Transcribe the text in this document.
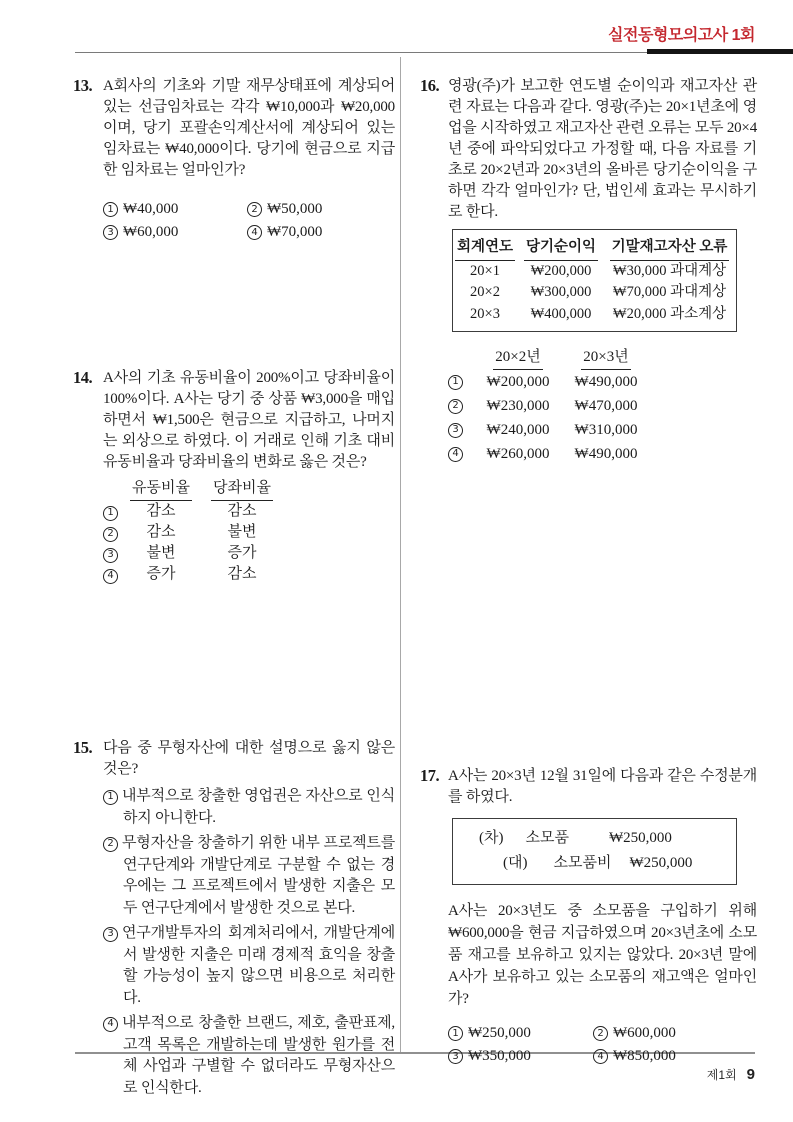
실전동형모의고사 1회
제1회 9
13. A회사의 기초와 기말 재무상태표에 계상되어 있는 선급임차료는 각각 ₩10,000과 ₩20,000이며, 당기 포괄손익계산서에 계상되어 있는 임차료는 ₩40,000이다. 당기에 현금으로 지급한 임차료는 얼마인가?

1 ₩40,000	2 ₩50,000
3 ₩60,000	4 ₩70,000
14. A사의 기초 유동비율이 200%이고 당좌비율이 100%이다. A사는 당기 중 상품 ₩3,000을 매입하면서 ₩1,500은 현금으로 지급하고, 나머지는 외상으로 하였다. 이 거래로 인해 기초 대비 유동비율과 당좌비율의 변화로 옳은 것은?

유동비율	당좌비율
1	감소	감소
2	감소	불변
3	불변	증가
4	증가	감소
15. 다음 중 무형자산에 대한 설명으로 옳지 않은 것은?

1 내부적으로 창출한 영업권은 자산으로 인식하지 아니한다.
2 무형자산을 창출하기 위한 내부 프로젝트를 연구단계와 개발단계로 구분할 수 없는 경우에는 그 프로젝트에서 발생한 지출은 모두 연구단계에서 발생한 것으로 본다.
3 연구개발투자의 회계처리에서, 개발단계에서 발생한 지출은 미래 경제적 효익을 창출할 가능성이 높지 않으면 비용으로 처리한다.
4 내부적으로 창출한 브랜드, 제호, 출판표제, 고객 목록은 개발하는데 발생한 원가를 전체 사업과 구별할 수 없더라도 무형자산으로 인식한다.
16. 영광(주)가 보고한 연도별 순이익과 재고자산 관련 자료는 다음과 같다. 영광(주)는 20×1년초에 영업을 시작하였고 재고자산 관련 오류는 모두 20×4년 중에 파악되었다고 가정할 때, 다음 자료를 기초로 20×2년과 20×3년의 올바른 당기순이익을 구하면 각각 얼마인가? 단, 법인세 효과는 무시하기로 한다.

회계연도 당기순이익	기말재고자산 오류
20×1	₩200,000	₩30,000 과대계상
20×2	₩300,000	₩70,000 과대계상
20×3	₩400,000	₩20,000 과소계상
20×2년	20×3년
1	₩200,000	₩490,000
2	₩230,000	₩470,000
3	₩240,000	₩310,000
4	₩260,000	₩490,000
17. A사는 20×3년 12월 31일에 다음과 같은 수정분개를 하였다.

(차) 소모품	₩250,000
(대) 소모품비 ₩250,000

A사는 20×3년도 중 소모품을 구입하기 위해 ₩600,000을 현금 지급하였으며 20×3년초에 소모품 재고를 보유하고 있지는 않았다. 20×3년 말에 A사가 보유하고 있는 소모품의 재고액은 얼마인가?

1 ₩250,000	2 ₩600,000
3 ₩350,000	4 ₩850,000
